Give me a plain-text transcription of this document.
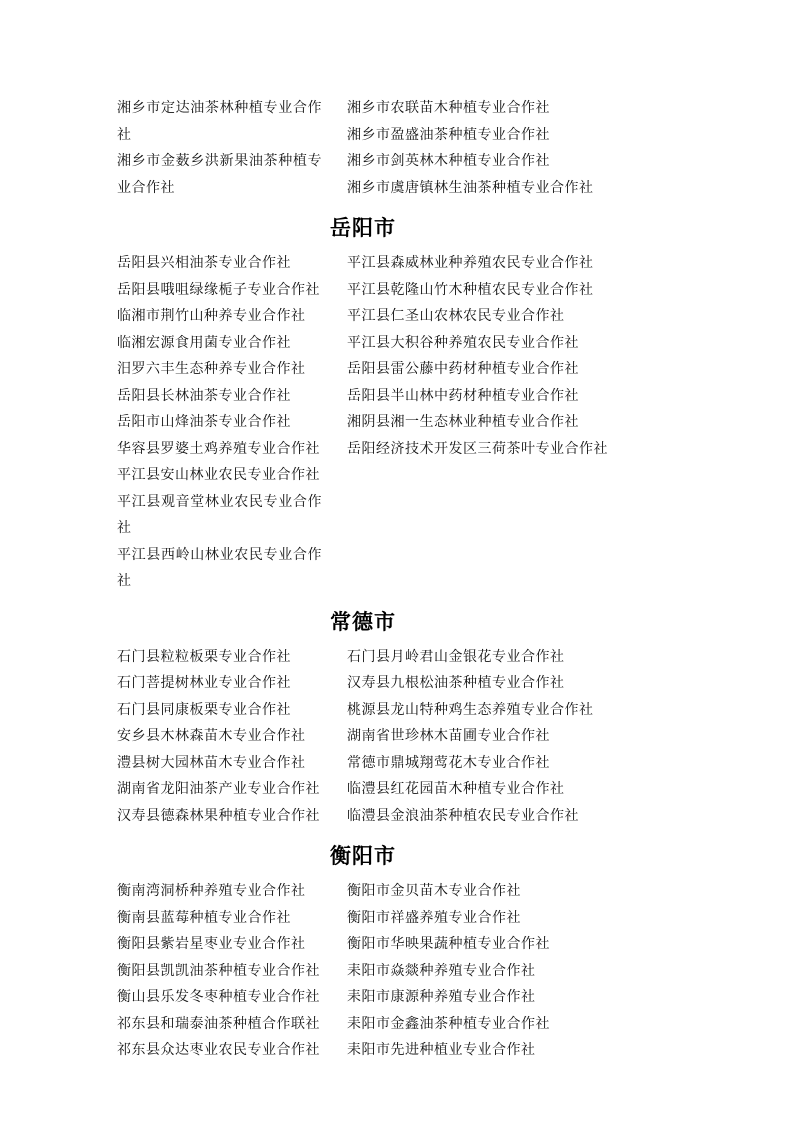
湘乡市定达油茶林种植专业合作社

湘乡市金薮乡洪新果油茶种植专业合作社

湘乡市农联苗木种植专业合作社

湘乡市盈盛油茶种植专业合作社

湘乡市剑英林木种植专业合作社

湘乡市虞唐镇林生油茶种植专业合作社

岳阳市

岳阳县兴相油茶专业合作社

岳阳县哦咀绿缘栀子专业合作社

临湘市荆竹山种养专业合作社

临湘宏源食用菌专业合作社

汨罗六丰生态种养专业合作社

岳阳县长林油茶专业合作社

岳阳市山烽油茶专业合作社

华容县罗婆土鸡养殖专业合作社

平江县安山林业农民专业合作社

平江县观音堂林业农民专业合作社

平江县西岭山林业农民专业合作社

平江县森威林业种养殖农民专业合作社

平江县乾隆山竹木种植农民专业合作社

平江县仁圣山农林农民专业合作社

平江县大积谷种养殖农民专业合作社

岳阳县雷公藤中药材种植专业合作社

岳阳县半山林中药材种植专业合作社

湘阴县湘一生态林业种植专业合作社

岳阳经济技术开发区三荷茶叶专业合作社

常德市

石门县粒粒板栗专业合作社

石门菩提树林业专业合作社

石门县同康板栗专业合作社

安乡县木林森苗木专业合作社

澧县树大园林苗木专业合作社

湖南省龙阳油茶产业专业合作社

汉寿县德森林果种植专业合作社

石门县月岭君山金银花专业合作社

汉寿县九根松油茶种植专业合作社

桃源县龙山特种鸡生态养殖专业合作社

湖南省世珍林木苗圃专业合作社

常德市鼎城翔莺花木专业合作社

临澧县红花园苗木种植专业合作社

临澧县金浪油茶种植农民专业合作社

衡阳市

衡南湾洞桥种养殖专业合作社

衡南县蓝莓种植专业合作社

衡阳县紫岩星枣业专业合作社

衡阳县凯凯油茶种植专业合作社

衡山县乐发冬枣种植专业合作社

祁东县和瑞泰油茶种植合作联社

祁东县众达枣业农民专业合作社

衡阳市金贝苗木专业合作社

衡阳市祥盛养殖专业合作社

衡阳市华映果蔬种植专业合作社

耒阳市焱燚种养殖专业合作社

耒阳市康源种养殖专业合作社

耒阳市金鑫油茶种植专业合作社

耒阳市先进种植业专业合作社
